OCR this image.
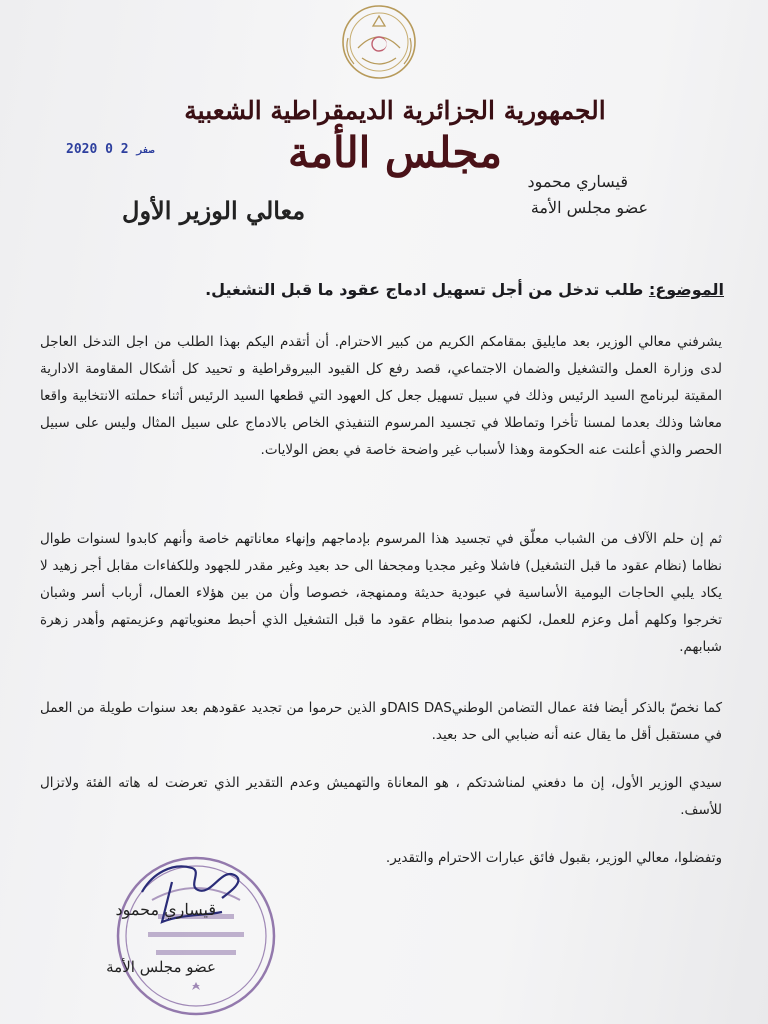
الجمهورية الجزائرية الديمقراطية الشعبية
مجلس الأمة
2020	صفر 2 0
قيساري محمود
عضو مجلس الأمة
معالي الوزير الأول
الموضوع: طلب تدخل من أجل تسهيل ادماج عقود ما قبل التشغيل.

يشرفني معالي الوزير، بعد مايليق بمقامكم الكريم من كبير الاحترام. أن أتقدم اليكم بهذا الطلب من اجل التدخل العاجل لدى وزارة العمل والتشغيل والضمان الاجتماعي، قصد رفع كل القيود البيروقراطية و تحييد كل أشكال المقاومة الادارية المقيتة لبرنامج السيد الرئيس وذلك في سبيل تسهيل جعل كل العهود التي قطعها السيد الرئيس أثناء حملته الانتخابية واقعا معاشا وذلك بعدما لمسنا تأخرا وتماطلا في تجسيد المرسوم التنفيذي الخاص بالادماج على سبيل المثال وليس على سبيل الحصر والذي أعلنت عنه الحكومة وهذا لأسباب غير واضحة خاصة في بعض الولايات.

ثم إن حلم الآلاف من الشباب معلّق في تجسيد هذا المرسوم بإدماجهم وإنهاء معاناتهم خاصة وأنهم كابدوا لسنوات طوال نظاما (نظام عقود ما قبل التشغيل) فاشلا وغير مجديا ومجحفا الى حد بعيد وغير مقدر للجهود وللكفاءات مقابل أجر زهيد لا يكاد يلبي الحاجات اليومية الأساسية في عبودية حديثة وممنهجة، خصوصا وأن من بين هؤلاء العمال، أرباب أسر وشبان تخرجوا وكلهم أمل وعزم للعمل، لكنهم صدموا بنظام عقود ما قبل التشغيل الذي أحبط معنوياتهم وعزيمتهم وأهدر زهرة شبابهم.

كما نخصّ بالذكر أيضا فئة عمال التضامن الوطنيDAIS DASو الذين حرموا من تجديد عقودهم بعد سنوات طويلة من العمل في مستقبل أقل ما يقال عنه أنه ضبابي الى حد بعيد.

سيدي الوزير الأول، إن ما دفعني لمناشدتكم ، هو المعاناة والتهميش وعدم التقدير الذي تعرضت له هاته الفئة ولاتزال للأسف.

وتفضلوا، معالي الوزير، بقبول فائق عبارات الاحترام والتقدير.

قيساري محمود
عضو مجلس الأمة
